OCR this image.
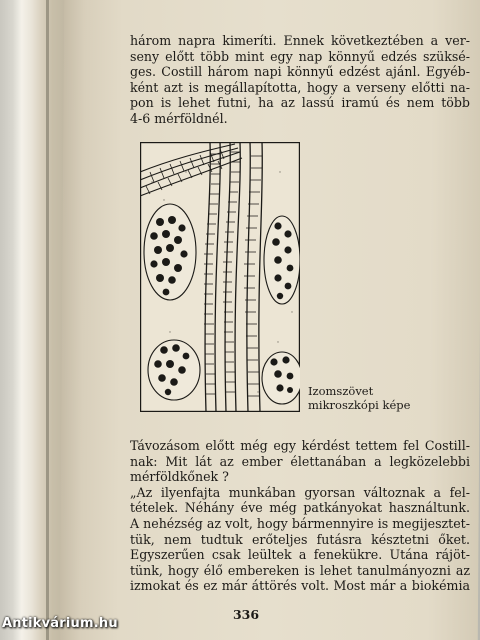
három napra kimeríti. Ennek következtében a ver-
seny előtt több mint egy nap könnyű edzés szüksé-
ges. Costill három napi könnyű edzést ajánl. Egyéb-
ként azt is megállapította, hogy a verseny előtti na-
pon is lehet futni, ha az lassú iramú és nem több
4-6 mérföldnél.
Izomszövet
mikroszkópi képe
Távozásom előtt még egy kérdést tettem fel Costill-
nak: Mit lát az ember élettanában a legközelebbi
mérföldkőnek ?
„Az ilyenfajta munkában gyorsan változnak a fel-
tételek. Néhány éve még patkányokat használtunk.
A nehézség az volt, hogy bármennyire is megijesztet-
tük, nem tudtuk erőteljes futásra késztetni őket.
Egyszerűen csak leültek a fenekükre. Utána rájöt-
tünk, hogy élő embereken is lehet tanulmányozni az
izmokat és ez már áttörés volt. Most már a biokémia
336
Antikvárium.hu
